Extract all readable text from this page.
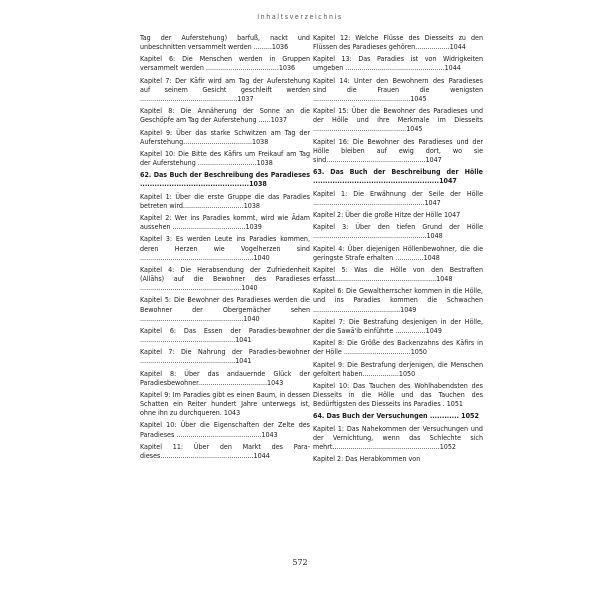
Inhaltsverzeichnis
Tag der Auferstehung) barfuß, nackt und unbeschnitten versammelt werden .........1036
Kapitel 6: Die Menschen werden in Gruppen versammelt werden ....................................1036
Kapitel 7: Der Kāfir wird am Tag der Auferstehung auf seinem Gesicht geschleift werden ................................................1037
Kapitel 8: Die Annäherung der Sonne an die Geschöpfe am Tag der Auferstehung ......1037
Kapitel 9: Über das starke Schwitzen am Tag der Auferstehung..................................1038
Kapitel 10: Die Bitte des Kāfirs um Freikauf am Tag der Auferstehung .............................1038
62. Das Buch der Beschreibung des Paradieses .............................................1038
Kapitel 1: Über die erste Gruppe die das Paradies betreten wird..............................1038
Kapitel 2: Wer ins Paradies kommt, wird wie Ādam aussehen ....................................1039
Kapitel 3: Es werden Leute ins Paradies kommen, deren Herzen wie Vogelherzen sind ........................................................1040
Kapitel 4: Die Herabsendung der Zufriedenheit (Allāhs) auf die Bewohner des Paradieses ..................................................1040
Kapitel 5: Die Bewohner des Paradieses werden die Bewohner der Obergemächer sehen ...................................................1040
Kapitel 6: Das Essen der Paradies-bewohner ...............................................1041
Kapitel 7: Die Nahrung der Paradies-bewohner ...............................................1041
Kapitel 8: Über das andauernde Glück der Paradiesbewohner..................................1043
Kapitel 9: Im Paradies gibt es einen Baum, in dessen Schatten ein Reiter hundert Jahre unterwegs ist, ohne ihn zu durchqueren. 1043
Kapitel 10: Über die Eigenschaften der Zelte des Paradieses ..........................................1043
Kapitel 11: Über den Markt des Para-dieses..............................................1044
Kapitel 12: Welche Flüsse des Diesseits zu den Flüssen des Paradieses gehören.................1044
Kapitel 13: Das Paradies ist von Widrigkeiten umgeben .................................................1044
Kapitel 14: Unter den Bewohnern des Paradieses sind die Frauen die wenigsten ................................................1045
Kapitel 15: Über die Bewohner des Paradieses und der Hölle und ihre Merkmale im Diesseits ..............................................1045
Kapitel 16: Die Bewohner des Paradieses und der Hölle bleiben auf ewig dort, wo sie sind.................................................1047
63. Das Buch der Beschreibung der Hölle ....................................................1047
Kapitel 1: Die Erwähnung der Seile der Hölle .......................................................1047
Kapitel 2: Über die große Hitze der Hölle 1047
Kapitel 3: Über den tiefen Grund der Hölle ........................................................1048
Kapitel 4: Über diejenigen Höllenbewohner, die die geringste Strafe erhalten ..............1048
Kapitel 5: Was die Hölle von den Bestraften erfasst..................................................1048
Kapitel 6: Die Gewaltherrscher kommen in die Hölle, und ins Paradies kommen die Schwachen ...........................................1049
Kapitel 7: Die Bestrafung desjenigen in der Hölle, der die Sawā'ib einführte ...............1049
Kapitel 8: Die Größe des Backenzahns des Kāfirs in der Hölle .................................1050
Kapitel 9: Die Bestrafung derjenigen, die Menschen gefoltert haben..................1050
Kapitel 10: Das Tauchen des Wohlhabendsten des Diesseits in die Hölle und das Tauchen des Bedürftigsten des Diesseits ins Paradies . 1051
64. Das Buch der Versuchungen ............ 1052
Kapitel 1: Das Nahekommen der Versuchungen und der Vernichtung, wenn das Schlechte sich mehrt.....................................................1052
Kapitel 2: Das Herabkommen von
572
